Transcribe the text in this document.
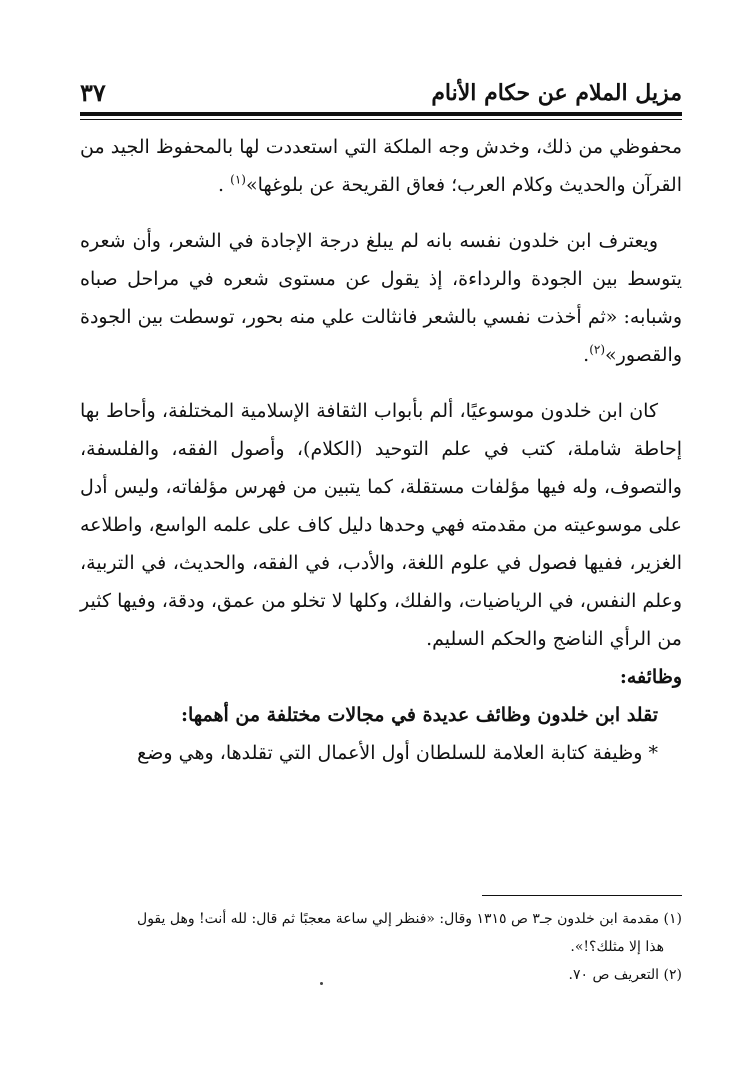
مزيل الملام عن حكام الأنام
٣٧

محفوظي من ذلك، وخدش وجه الملكة التي استعددت لها بالمحفوظ الجيد من القرآن والحديث وكلام العرب؛ فعاق القريحة عن بلوغها»$^{(١)}$ .

ويعترف ابن خلدون نفسه بانه لم يبلغ درجة الإجادة في الشعر، وأن شعره يتوسط بين الجودة والرداءة، إذ يقول عن مستوى شعره في مراحل صباه وشبابه: «ثم أخذت نفسي بالشعر فانثالت علي منه بحور، توسطت بين الجودة والقصور»$^{(٢)}$.

كان ابن خلدون موسوعيًا، ألم بأبواب الثقافة الإسلامية المختلفة، وأحاط بها إحاطة شاملة، كتب في علم التوحيد (الكلام)، وأصول الفقه، والفلسفة، والتصوف، وله فيها مؤلفات مستقلة، كما يتبين من فهرس مؤلفاته، وليس أدل على موسوعيته من مقدمته فهي وحدها دليل كاف على علمه الواسع، واطلاعه الغزير، ففيها فصول في علوم اللغة، والأدب، في الفقه، والحديث، في التربية، وعلم النفس، في الرياضيات، والفلك، وكلها لا تخلو من عمق، ودقة، وفيها كثير من الرأي الناضج والحكم السليم.

وظائفه:

تقلد ابن خلدون وظائف عديدة في مجالات مختلفة من أهمها:

* وظيفة كتابة العلامة للسلطان أول الأعمال التي تقلدها، وهي وضع

(١) مقدمة ابن خلدون جـ٣ ص ١٣١٥ وقال: «فنظر إلي ساعة معجبًا ثم قال: لله أنت! وهل يقول

هذا إلا مثلك؟!».

(٢) التعريف ص ٧٠.
